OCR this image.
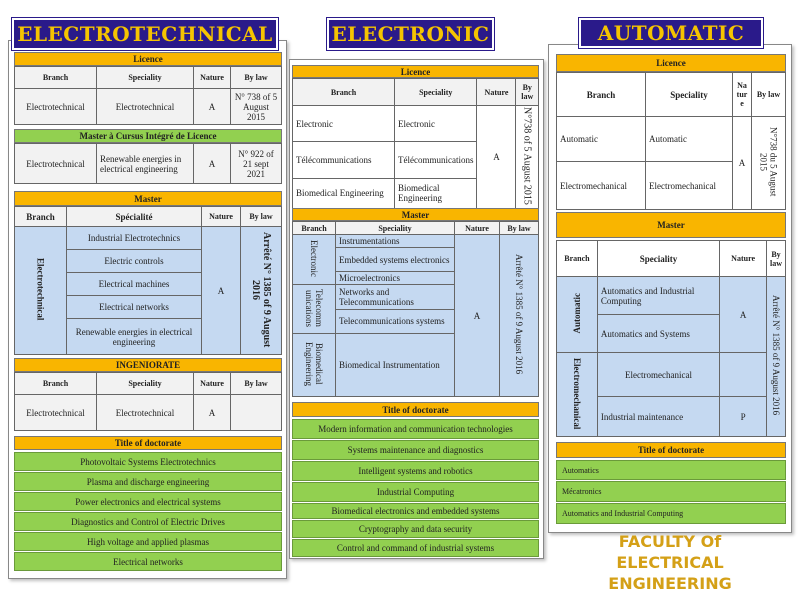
ELECTROTECHNICAL
Licence
Branch	Speciality	Nature	By law
Electrotechnical	Electrotechnical	A	N° 738 of 5 August 2015
Master à Cursus Intégré de Licence
Electrotechnical	Renewable energies in electrical engineering	A	N° 922 of 21 sept 2021
Master
Branch	Spécialité	Nature	By law
Electrotechnical	Industrial Electrotechnics	A	Arrêté N° 1385 of 9 August 2016
	Electric controls		
	Electrical machines		
	Electrical networks		
	Renewable energies in electrical engineering		
INGENIORATE
Branch	Speciality	Nature	By law
Electrotechnical	Electrotechnical	A	
Title of doctorate
Photovoltaic Systems Electrotechnics
Plasma and discharge engineering
Power electronics and electrical systems
Diagnostics and Control of Electric Drives
High voltage and applied plasmas
Electrical networks
ELECTRONIC
Licence
Branch	Speciality	Nature	By law
Electronic	Electronic	A	N°738 of 5 August 2015
Télécommunications	Télécommunications		
Biomedical Engineering	Biomedical Engineering		
Master
Branch	Speciality	Nature	By law
Electronic	Instrumentations	A	Arrêté N° 1385 of 9 August 2016
	Embedded systems electronics		
	Microelectronics		
Telecomm unications	Networks and Telecommunications		
	Telecommunications systems		
Biomedical Engineering	Biomedical Instrumentation		
Title of doctorate
Modern information and communication technologies
Systems maintenance and diagnostics
Intelligent systems and robotics
Industrial Computing
Biomedical electronics and embedded systems
Cryptography and data security
Control and command of industrial systems
AUTOMATIC
Licence
Branch	Speciality	Nature	By law
Automatic	Automatic	A	N°738 du 5 August 2015
Electromechanical	Electromechanical		
Master
Branch	Speciality	Nature	By law
Automatic	Automatics and Industrial Computing	A	Arrêté N° 1385 of 9 August 2016
	Automatics and Systems		
Electromechanical	Electromechanical		
	Industrial maintenance	P	
Title of doctorate
Automatics
Mécatronics
Automatics and Industrial Computing
FACULTY Of
ELECTRICAL
ENGINEERING
